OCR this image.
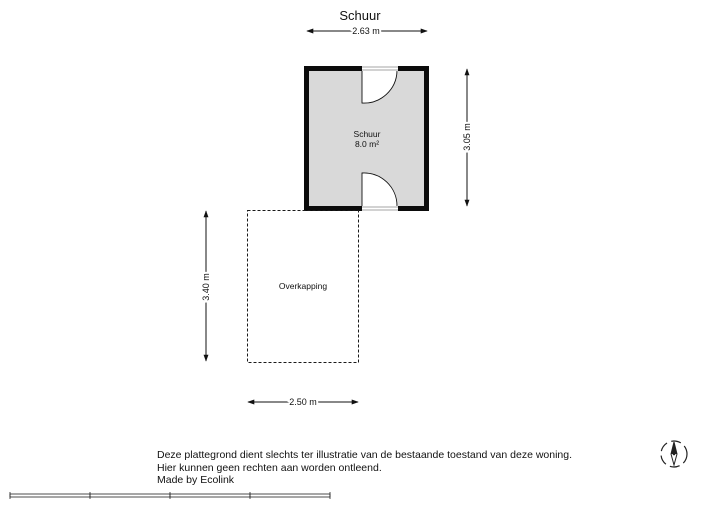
2.63 m
3.05 m
Schuur
8.0 m²
Overkapping
3.40 m
2.50 m
Schuur
Deze plattegrond dient slechts ter illustratie van de bestaande toestand van deze woning.
Hier kunnen geen rechten aan worden ontleend.
Made by Ecolink
